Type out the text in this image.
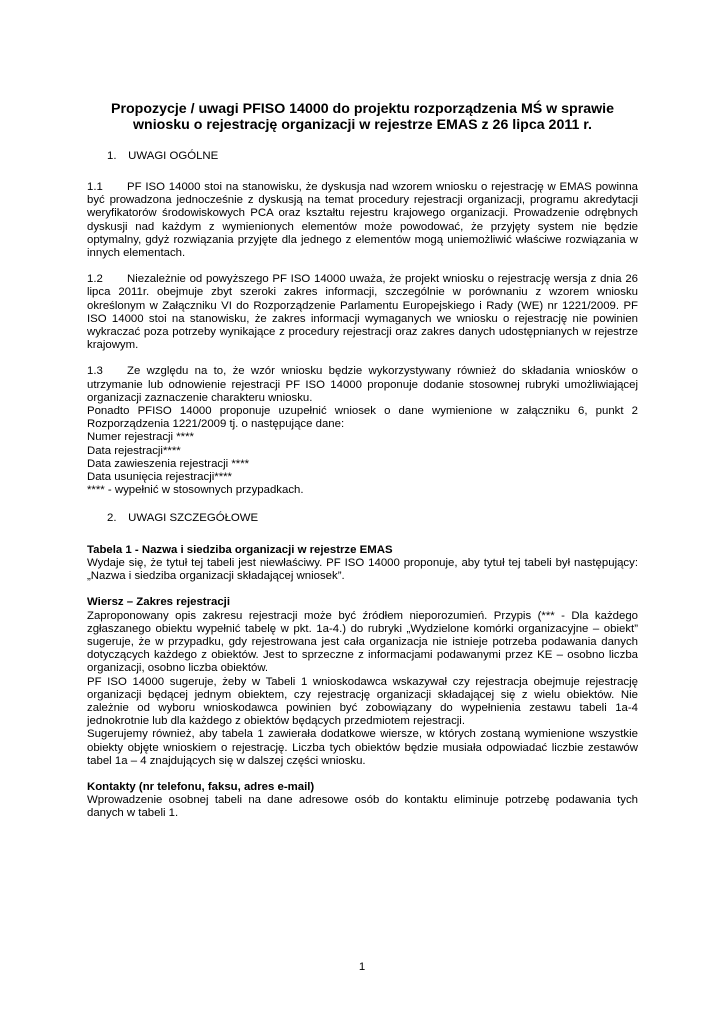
Propozycje / uwagi PFISO 14000 do projektu rozporządzenia MŚ w sprawie
wniosku o rejestrację organizacji w rejestrze EMAS z 26 lipca 2011 r.
1. UWAGI OGÓLNE

1.1 PF ISO 14000 stoi na stanowisku, że dyskusja nad wzorem wniosku o rejestrację w EMAS powinna być prowadzona jednocześnie z dyskusją na temat procedury rejestracji organizacji, programu akredytacji weryfikatorów środowiskowych PCA oraz kształtu rejestru krajowego organizacji. Prowadzenie odrębnych dyskusji nad każdym z wymienionych elementów może powodować, że przyjęty system nie będzie optymalny, gdyż rozwiązania przyjęte dla jednego z elementów mogą uniemożliwić właściwe rozwiązania w innych elementach.

1.2 Niezależnie od powyższego PF ISO 14000 uważa, że projekt wniosku o rejestrację wersja z dnia 26 lipca 2011r. obejmuje zbyt szeroki zakres informacji, szczególnie w porównaniu z wzorem wniosku określonym w Załączniku VI do Rozporządzenie Parlamentu Europejskiego i Rady (WE) nr 1221/2009. PF ISO 14000 stoi na stanowisku, że zakres informacji wymaganych we wniosku o rejestrację nie powinien wykraczać poza potrzeby wynikające z procedury rejestracji oraz zakres danych udostępnianych w rejestrze krajowym.

1.3 Ze względu na to, że wzór wniosku będzie wykorzystywany również do składania wniosków o utrzymanie lub odnowienie rejestracji PF ISO 14000 proponuje dodanie stosownej rubryki umożliwiającej organizacji zaznaczenie charakteru wniosku.

Ponadto PFISO 14000 proponuje uzupełnić wniosek o dane wymienione w załączniku 6, punkt 2 Rozporządzenia 1221/2009 tj. o następujące dane:

Numer rejestracji ****
Data rejestracji****
Data zawieszenia rejestracji ****
Data usunięcia rejestracji****
**** - wypełnić w stosownych przypadkach.
2. UWAGI SZCZEGÓŁOWE
Tabela 1 - Nazwa i siedziba organizacji w rejestrze EMAS

Wydaje się, że tytuł tej tabeli jest niewłaściwy. PF ISO 14000 proponuje, aby tytuł tej tabeli był następujący: „Nazwa i siedziba organizacji składającej wniosek”.

Wiersz – Zakres rejestracji

Zaproponowany opis zakresu rejestracji może być źródłem nieporozumień. Przypis (*** - Dla każdego zgłaszanego obiektu wypełnić tabelę w pkt. 1a-4.) do rubryki „Wydzielone komórki organizacyjne – obiekt” sugeruje, że w przypadku, gdy rejestrowana jest cała organizacja nie istnieje potrzeba podawania danych dotyczących każdego z obiektów. Jest to sprzeczne z informacjami podawanymi przez KE – osobno liczba organizacji, osobno liczba obiektów.

PF ISO 14000 sugeruje, żeby w Tabeli 1 wnioskodawca wskazywał czy rejestracja obejmuje rejestrację organizacji będącej jednym obiektem, czy rejestrację organizacji składającej się z wielu obiektów. Nie zależnie od wyboru wnioskodawca powinien być zobowiązany do wypełnienia zestawu tabeli 1a-4 jednokrotnie lub dla każdego z obiektów będących przedmiotem rejestracji.

Sugerujemy również, aby tabela 1 zawierała dodatkowe wiersze, w których zostaną wymienione wszystkie obiekty objęte wnioskiem o rejestrację. Liczba tych obiektów będzie musiała odpowiadać liczbie zestawów tabel 1a – 4 znajdujących się w dalszej części wniosku.

Kontakty (nr telefonu, faksu, adres e-mail)

Wprowadzenie osobnej tabeli na dane adresowe osób do kontaktu eliminuje potrzebę podawania tych danych w tabeli 1.

1
